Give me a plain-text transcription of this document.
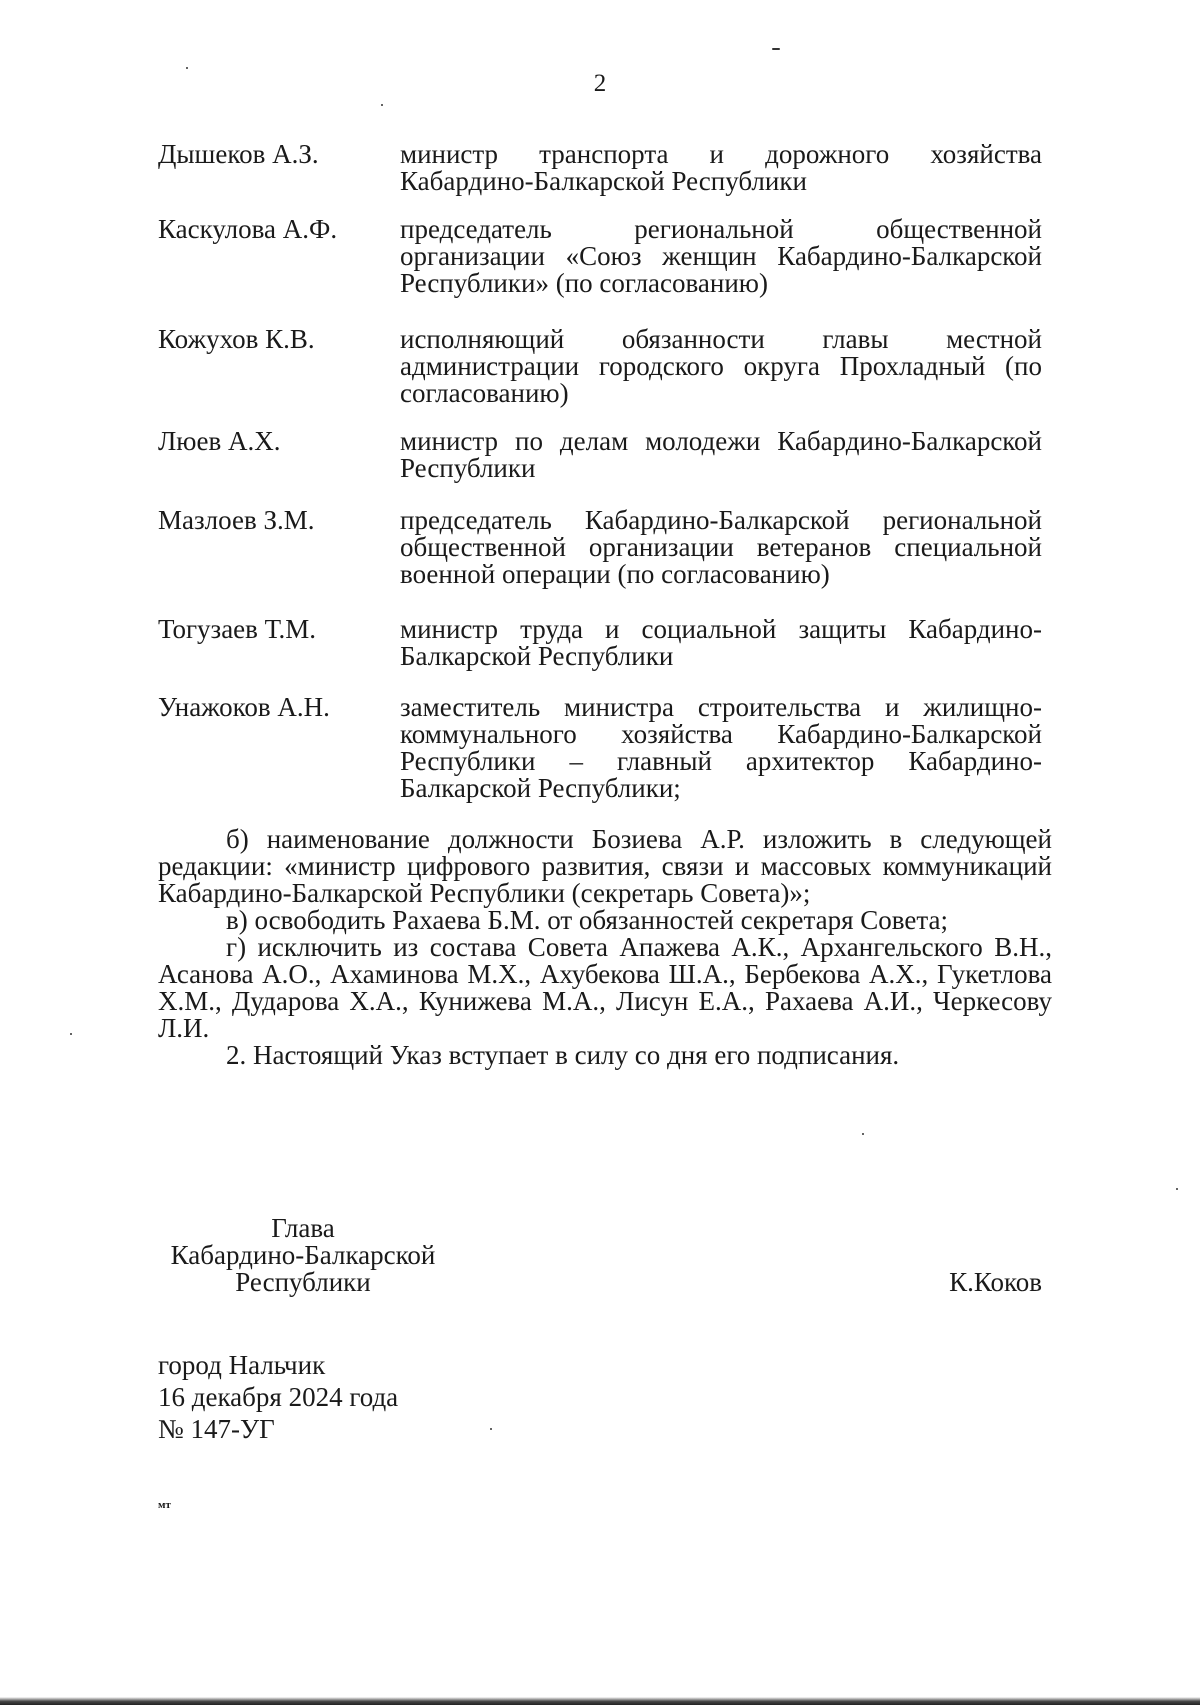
2
Дышеков А.З.	министр транспорта и дорожного хозяйства Кабардино-Балкарской Республики
Каскулова А.Ф.	председатель региональной общественной организации «Союз женщин Кабардино-Балкарской Республики» (по согласованию)
Кожухов К.В.	исполняющий обязанности главы местной администрации городского округа Прохладный (по согласованию)
Люев А.Х.	министр по делам молодежи Кабардино-Балкарской Республики
Мазлоев З.М.	председатель Кабардино-Балкарской региональной общественной организации ветеранов специальной военной операции (по согласованию)
Тогузаев Т.М.	министр труда и социальной защиты Кабардино-Балкарской Республики
Унажоков А.Н.	заместитель министра строительства и жилищно-коммунального хозяйства Кабардино-Балкарской Республики – главный архитектор Кабардино-Балкарской Республики;

б) наименование должности Бозиева А.Р. изложить в следующей редакции: «министр цифрового развития, связи и массовых коммуникаций Кабардино-Балкарской Республики (секретарь Совета)»;

в) освободить Рахаева Б.М. от обязанностей секретаря Совета;

г) исключить из состава Совета Апажева А.К., Архангельского В.Н., Асанова А.О., Ахаминова М.Х., Ахубекова Ш.А., Бербекова А.Х., Гукетлова Х.М., Дударова Х.А., Кунижева М.А., Лисун Е.А., Рахаева А.И., Черкесову Л.И.

2. Настоящий Указ вступает в силу со дня его подписания.

Глава
Кабардино-Балкарской
Республики	К.Коков
город Нальчик
16 декабря 2024 года
№ 147-УГ
мт
